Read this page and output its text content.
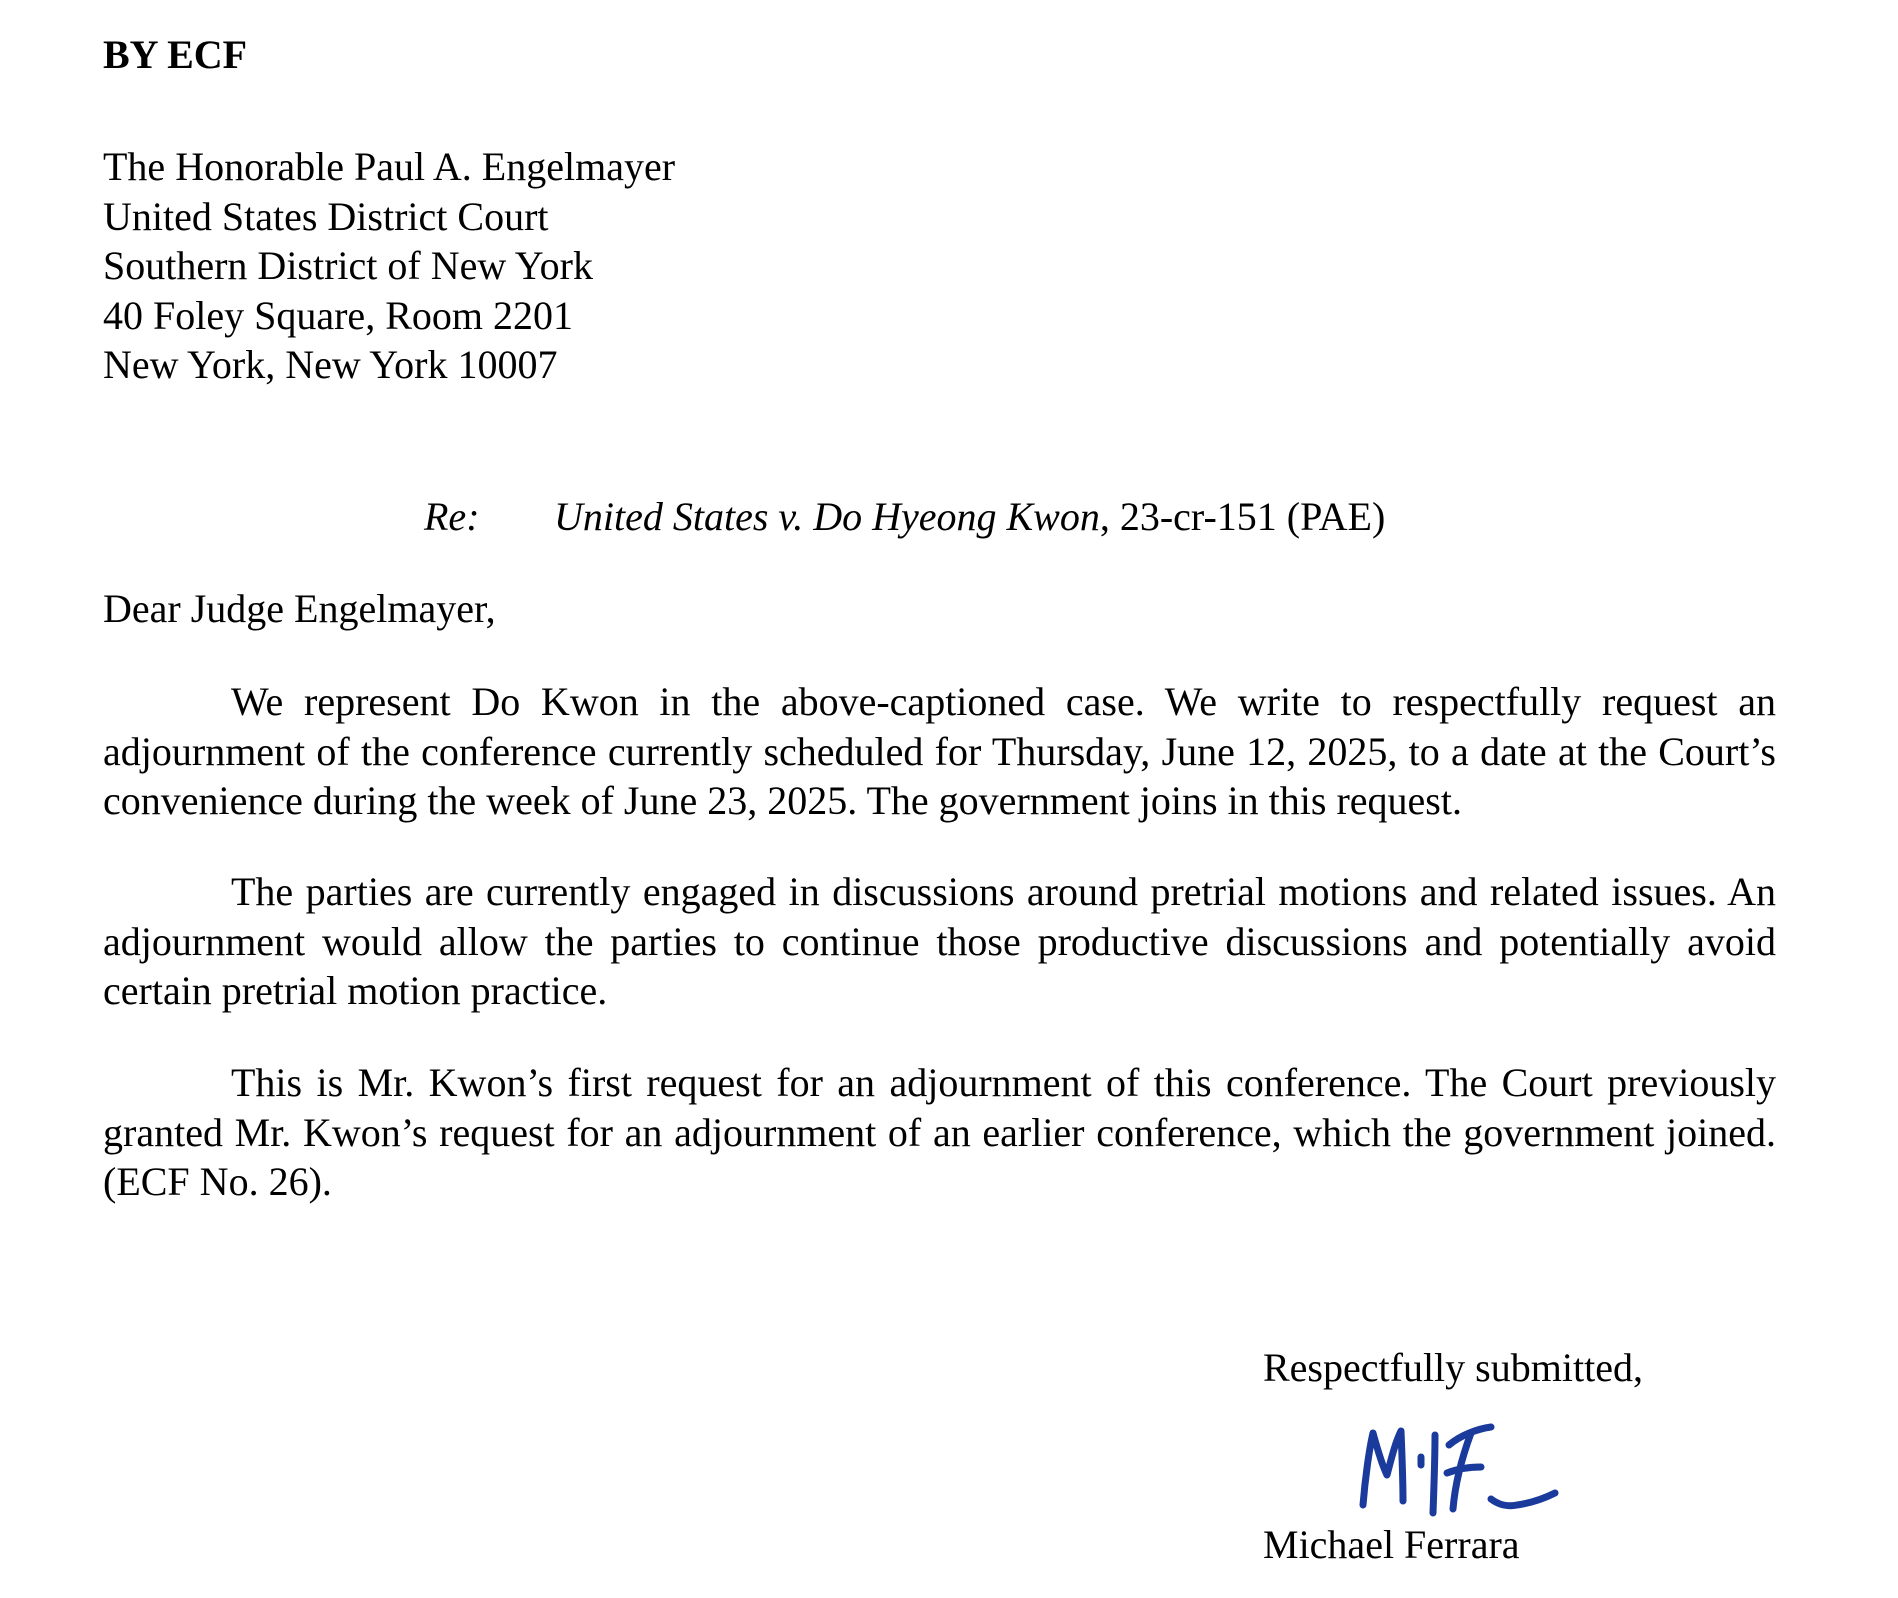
BY ECF
The Honorable Paul A. Engelmayer
United States District Court
Southern District of New York
40 Foley Square, Room 2201
New York, New York 10007
Re: United States v. Do Hyeong Kwon, 23-cr-151 (PAE)
Dear Judge Engelmayer,
We represent Do Kwon in the above-captioned case. We write to respectfully request an adjournment of the conference currently scheduled for Thursday, June 12, 2025, to a date at the Court’s convenience during the week of June 23, 2025. The government joins in this request.
The parties are currently engaged in discussions around pretrial motions and related issues. An adjournment would allow the parties to continue those productive discussions and potentially avoid certain pretrial motion practice.
This is Mr. Kwon’s first request for an adjournment of this conference. The Court previously granted Mr. Kwon’s request for an adjournment of an earlier conference, which the government joined. (ECF No. 26).
Respectfully submitted,
Michael Ferrara
